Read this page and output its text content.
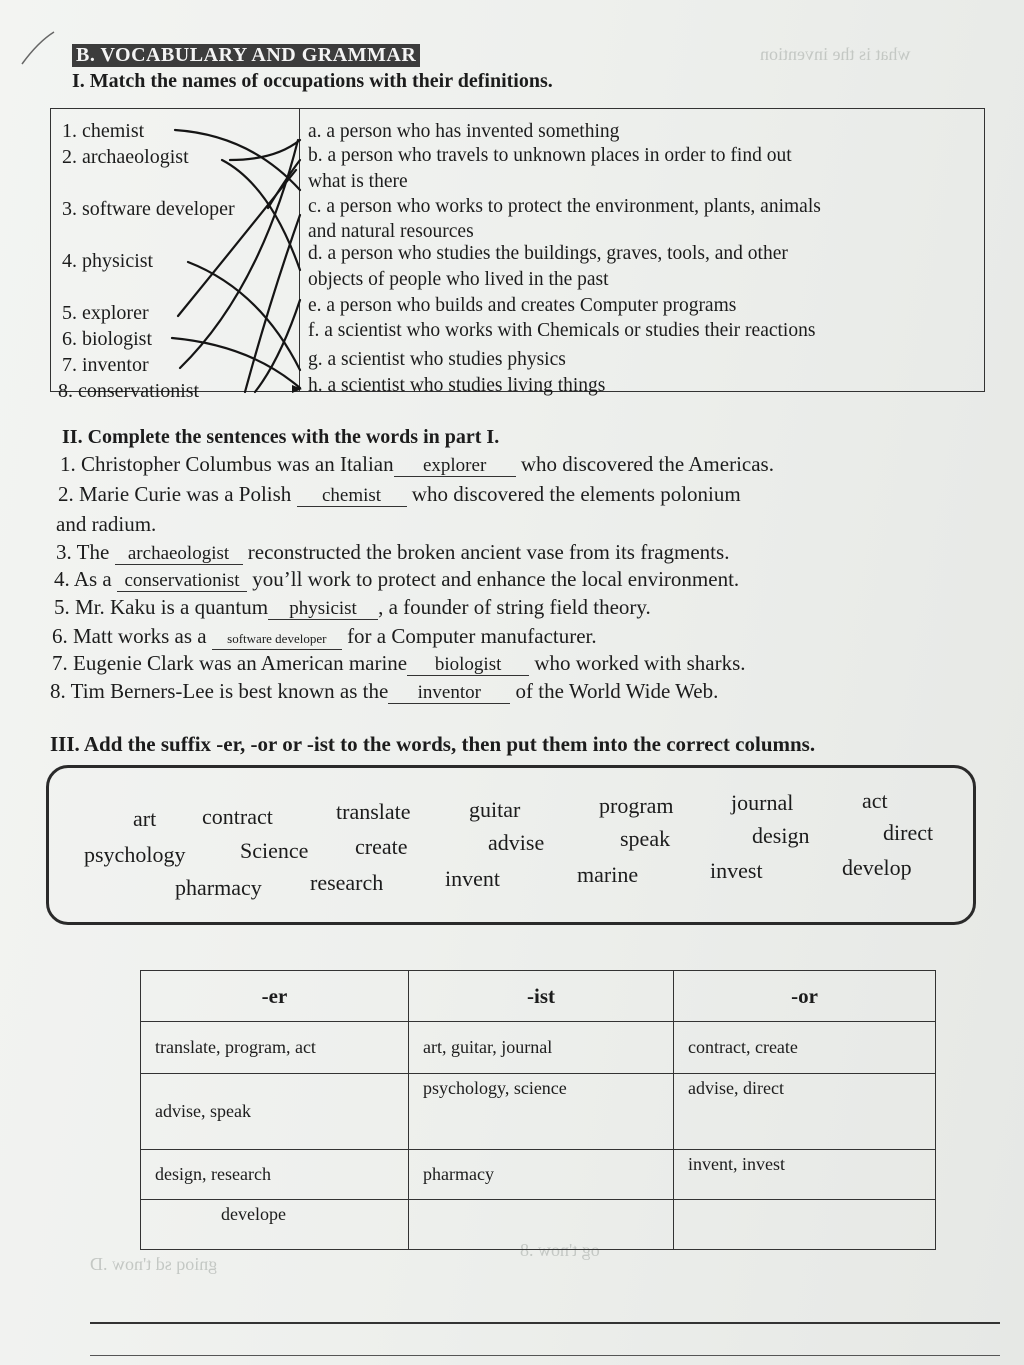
what is the invention
og t'now .8
gnioq sd t'now .D
B. VOCABULARY AND GRAMMAR
I. Match the names of occupations with their definitions.
1. chemist
2. archaeologist
3. software developer
4. physicist
5. explorer
6. biologist
7. inventor
8. conservationist
a. a person who has invented something
b. a person who travels to unknown places in order to find out
what is there
c. a person who works to protect the environment, plants, animals
and natural resources
d. a person who studies the buildings, graves, tools, and other
objects of people who lived in the past
e. a person who builds and creates Computer programs
f. a scientist who works with Chemicals or studies their reactions
g. a scientist who studies physics
h. a scientist who studies living things
II. Complete the sentences with the words in part I.
1. Christopher Columbus was an Italian explorer who discovered the Americas.
2. Marie Curie was a Polish chemist who discovered the elements polonium
and radium.
3. The archaeologist reconstructed the broken ancient vase from its fragments.
4. As a conservationist you’ll work to protect and enhance the local environment.
5. Mr. Kaku is a quantum physicist , a founder of string field theory.
6. Matt works as a software developer for a Computer manufacturer.
7. Eugenie Clark was an American marine biologist who worked with sharks.
8. Tim Berners-Lee is best known as the inventor of the World Wide Web.
III. Add the suffix -er, -or or -ist to the words, then put them into the correct columns.
art contract	translate	guitar	program	journal	act
psychology Science create	advise	speak	design	direct
pharmacy research	invent	marine	invest	develop
-er	-ist	-or
translate, program, act	art, guitar, journal	contract, create
advise, speak	psychology, science	advise, direct
design, research	pharmacy	invent, invest
develope		
